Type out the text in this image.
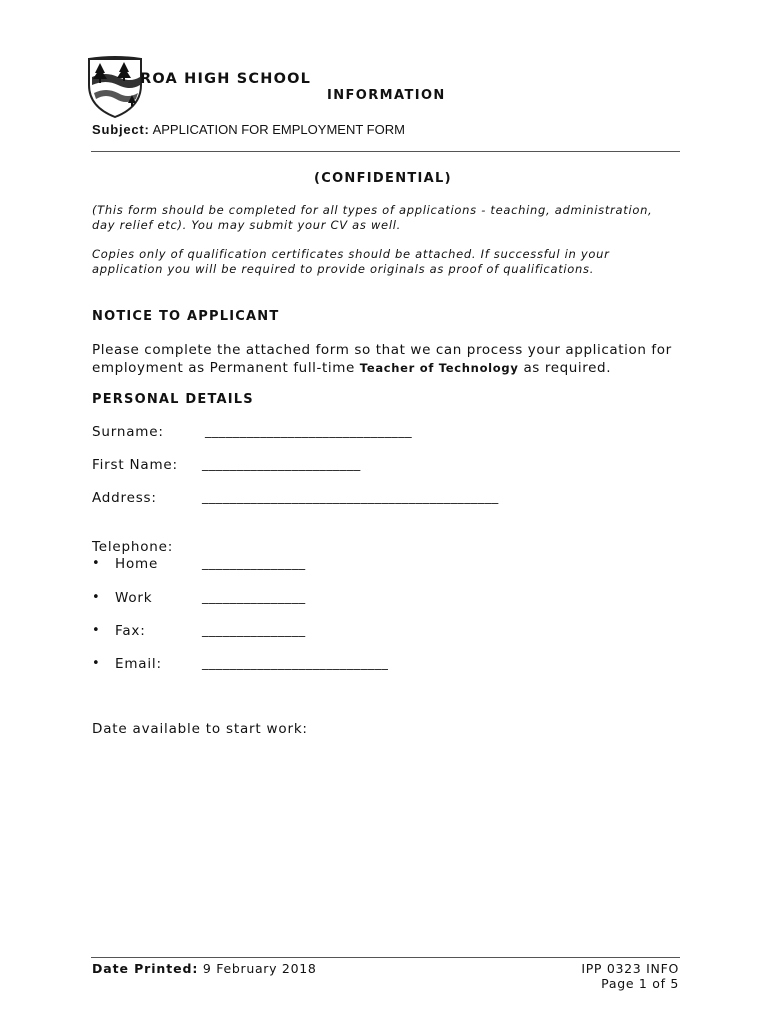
ROA HIGH SCHOOL
INFORMATION
Subject: APPLICATION FOR EMPLOYMENT FORM
(CONFIDENTIAL)
(This form should be completed for all types of applications - teaching, administration,
day relief etc). You may submit your CV as well.
Copies only of qualification certificates should be attached. If successful in your
application you will be required to provide originals as proof of qualifications.
NOTICE TO APPLICANT
Please complete the attached form so that we can process your application for
employment as Permanent full-time Teacher of Technology as required.
PERSONAL DETAILS
Surname:	______________________________
First Name: _______________________
Address:	___________________________________________
Telephone:
• Home	_______________
• Work	_______________
• Fax:	_______________
• Email:	___________________________
Date available to start work:
Date Printed: 9 February 2018	IPP 0323 INFO
Page 1 of 5
